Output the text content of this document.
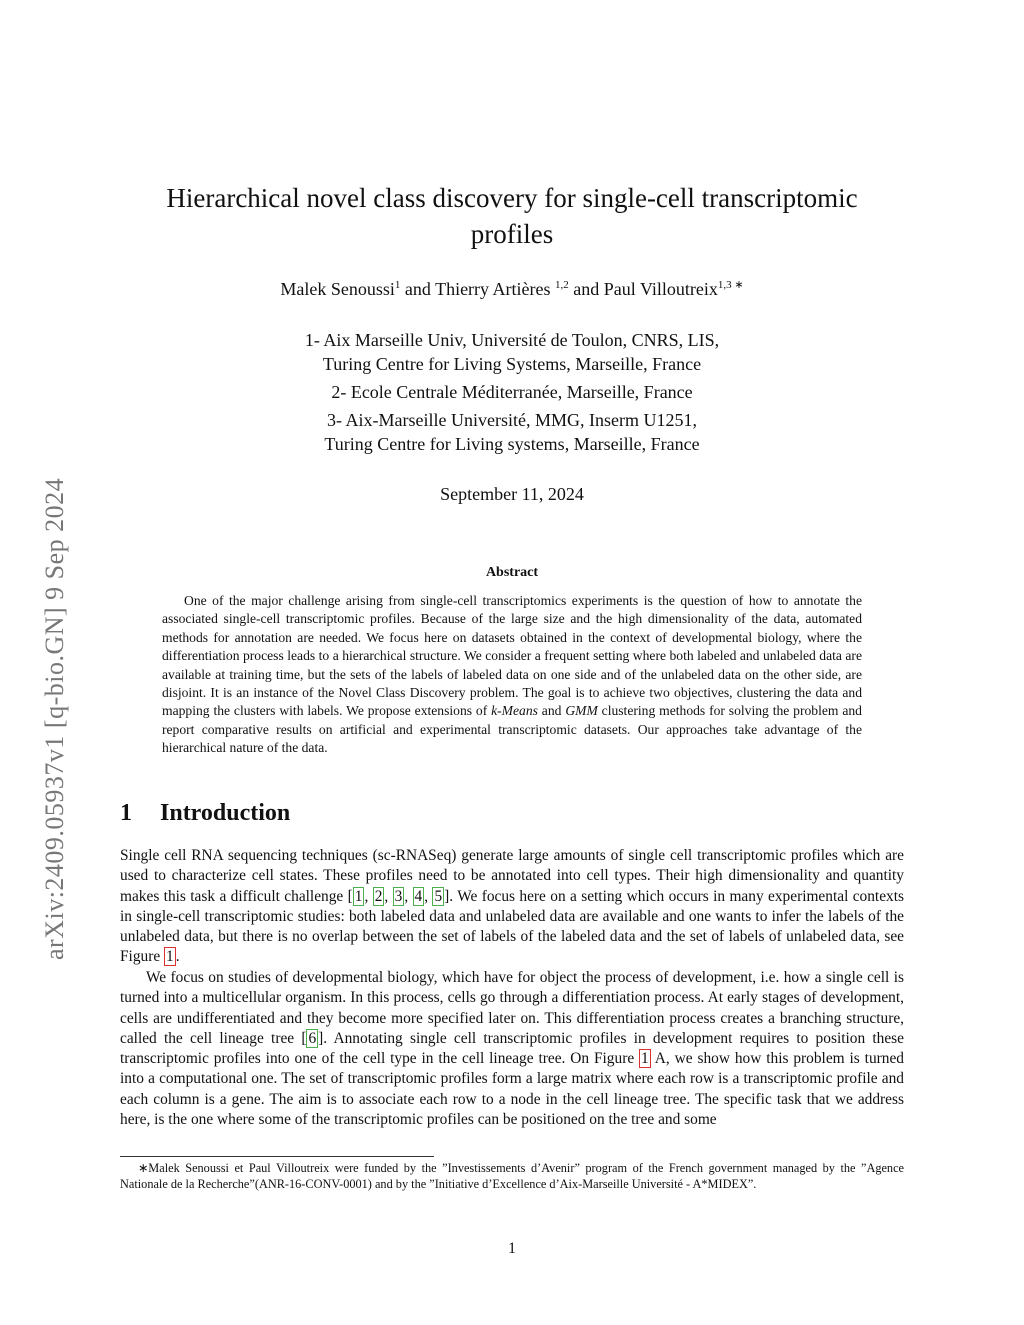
arXiv:2409.05937v1 [q-bio.GN] 9 Sep 2024
Hierarchical novel class discovery for single-cell transcriptomic
profiles
Malek Senoussi$^1$ and Thierry Artières $^{1,2}$ and Paul Villoutreix$^{1,3}$ ∗
1- Aix Marseille Univ, Université de Toulon, CNRS, LIS,
Turing Centre for Living Systems, Marseille, France
2- Ecole Centrale Méditerranée, Marseille, France
3- Aix-Marseille Université, MMG, Inserm U1251,
Turing Centre for Living systems, Marseille, France
September 11, 2024
Abstract
One of the major challenge arising from single-cell transcriptomics experiments is the question of how to annotate the associated single-cell transcriptomic profiles. Because of the large size and the high dimensionality of the data, automated methods for annotation are needed. We focus here on datasets obtained in the context of developmental biology, where the differentiation process leads to a hierarchical structure. We consider a frequent setting where both labeled and unlabeled data are available at training time, but the sets of the labels of labeled data on one side and of the unlabeled data on the other side, are disjoint. It is an instance of the Novel Class Discovery problem. The goal is to achieve two objectives, clustering the data and mapping the clusters with labels. We propose extensions of k-Means and GMM clustering methods for solving the problem and report comparative results on artificial and experimental transcriptomic datasets. Our approaches take advantage of the hierarchical nature of the data.
1 Introduction
Single cell RNA sequencing techniques (sc-RNASeq) generate large amounts of single cell transcriptomic profiles which are used to characterize cell states. These profiles need to be annotated into cell types. Their high dimensionality and quantity makes this task a difficult challenge [ 1 , 2 , 3 , 4 , 5 ]. We focus here on a setting which occurs in many experimental contexts in single-cell transcriptomic studies: both labeled data and unlabeled data are available and one wants to infer the labels of the unlabeled data, but there is no overlap between the set of labels of the labeled data and the set of labels of unlabeled data, see Figure 1 .
We focus on studies of developmental biology, which have for object the process of development, i.e. how a single cell is turned into a multicellular organism. In this process, cells go through a differentiation process. At early stages of development, cells are undifferentiated and they become more specified later on. This differentiation process creates a branching structure, called the cell lineage tree [ 6 ]. Annotating single cell transcriptomic profiles in development requires to position these transcriptomic profiles into one of the cell type in the cell lineage tree. On Figure 1 A, we show how this problem is turned into a computational one. The set of transcriptomic profiles form a large matrix where each row is a transcriptomic profile and each column is a gene. The aim is to associate each row to a node in the cell lineage tree. The specific task that we address here, is the one where some of the transcriptomic profiles can be positioned on the tree and some
∗Malek Senoussi et Paul Villoutreix were funded by the ”Investissements d’Avenir” program of the French government managed by the ”Agence Nationale de la Recherche”(ANR-16-CONV-0001) and by the ”Initiative d’Excellence d’Aix-Marseille Université - A*MIDEX”.
1
